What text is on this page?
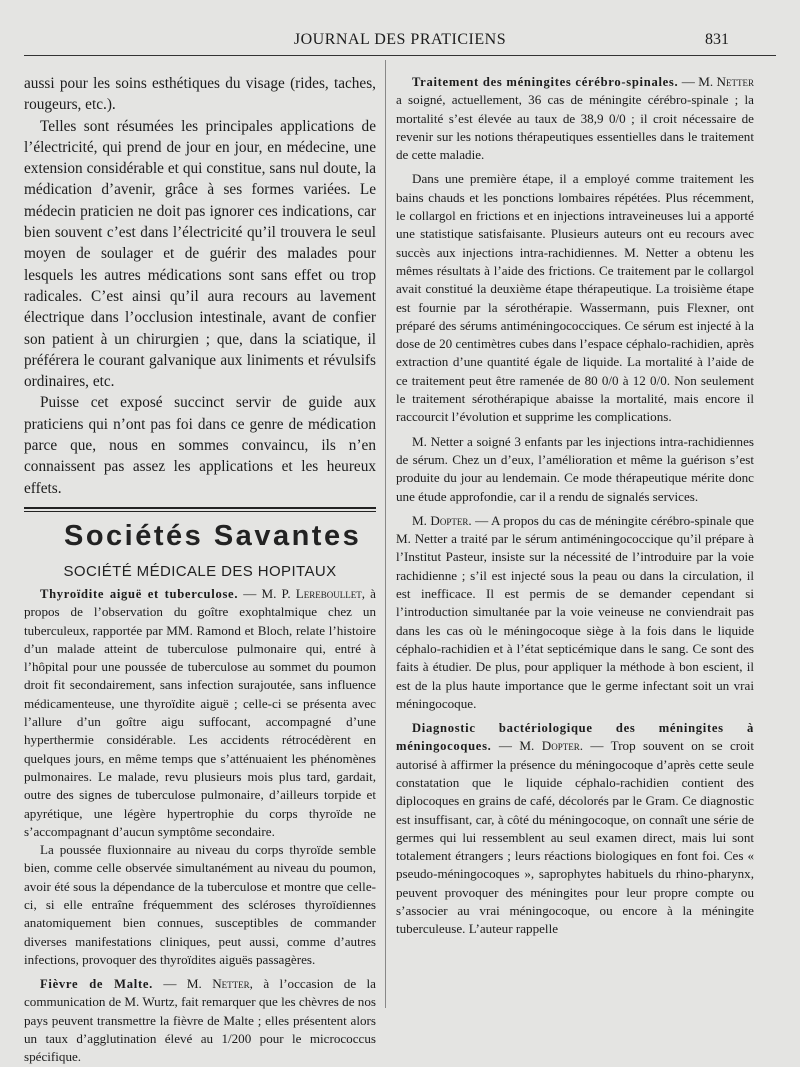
JOURNAL DES PRATICIENS	831

aussi pour les soins esthétiques du visage (rides, taches, rougeurs, etc.).

Telles sont résumées les principales applications de l’électricité, qui prend de jour en jour, en médecine, une extension considérable et qui constitue, sans nul doute, la médication d’avenir, grâce à ses formes variées. Le médecin praticien ne doit pas ignorer ces indications, car bien souvent c’est dans l’électricité qu’il trouvera le seul moyen de soulager et de guérir des malades pour lesquels les autres médications sont sans effet ou trop radicales. C’est ainsi qu’il aura recours au lavement électrique dans l’occlusion intestinale, avant de confier son patient à un chirurgien ; que, dans la sciatique, il préférera le courant galvanique aux liniments et révulsifs ordinaires, etc.

Puisse cet exposé succinct servir de guide aux praticiens qui n’ont pas foi dans ce genre de médication parce que, nous en sommes convaincu, ils n’en connaissent pas assez les applications et les heureux effets.

Sociétés Savantes
SOCIÉTÉ MÉDICALE DES HOPITAUX

Thyroïdite aiguë et tuberculose. — M. P. Lereboullet, à propos de l’observation du goître exophtalmique chez un tuberculeux, rapportée par MM. Ramond et Bloch, relate l’histoire d’un malade atteint de tuberculose pulmonaire qui, entré à l’hôpital pour une poussée de tuberculose au sommet du poumon droit fit secondairement, sans infection surajoutée, sans influence médicamenteuse, une thyroïdite aiguë ; celle-ci se présenta avec l’allure d’un goître aigu suffocant, accompagné d’une hyperthermie considérable. Les accidents rétrocédèrent en quelques jours, en même temps que s’atténuaient les phénomènes pulmonaires. Le malade, revu plusieurs mois plus tard, gardait, outre des signes de tuberculose pulmonaire, d’ailleurs torpide et apyrétique, une légère hypertrophie du corps thyroïde ne s’accompagnant d’aucun symptôme secondaire.

La poussée fluxionnaire au niveau du corps thyroïde semble bien, comme celle observée simultanément au niveau du poumon, avoir été sous la dépendance de la tuberculose et montre que celle-ci, si elle entraîne fréquemment des scléroses thyroïdiennes anatomiquement bien connues, susceptibles de commander diverses manifestations cliniques, peut aussi, comme d’autres infections, provoquer des thyroïdites aiguës passagères.

Fièvre de Malte. — M. Netter, à l’occasion de la communication de M. Wurtz, fait remarquer que les chèvres de nos pays peuvent transmettre la fièvre de Malte ; elles présentent alors un taux d’agglutination élevé au 1/200 pour le micrococcus spécifique.

Traitement des méningites cérébro-spinales. — M. Netter a soigné, actuellement, 36 cas de méningite cérébro-spinale ; la mortalité s’est élevée au taux de 38,9 0/0 ; il croit nécessaire de revenir sur les notions thérapeutiques essentielles dans le traitement de cette maladie.

Dans une première étape, il a employé comme traitement les bains chauds et les ponctions lombaires répétées. Plus récemment, le collargol en frictions et en injections intraveineuses lui a apporté une statistique satisfaisante. Plusieurs auteurs ont eu recours avec succès aux injections intra-rachidiennes. M. Netter a obtenu les mêmes résultats à l’aide des frictions. Ce traitement par le collargol avait constitué la deuxième étape thérapeutique. La troisième étape est fournie par la sérothérapie. Wassermann, puis Flexner, ont préparé des sérums antiméningococciques. Ce sérum est injecté à la dose de 20 centimètres cubes dans l’espace céphalo-rachidien, après extraction d’une quantité égale de liquide. La mortalité à l’aide de ce traitement peut être ramenée de 80 0/0 à 12 0/0. Non seulement le traitement sérothérapique abaisse la mortalité, mais encore il raccourcit l’évolution et supprime les complications.

M. Netter a soigné 3 enfants par les injections intra-rachidiennes de sérum. Chez un d’eux, l’amélioration et même la guérison s’est produite du jour au lendemain. Ce mode thérapeutique mérite donc une étude approfondie, car il a rendu de signalés services.

M. Dopter. — A propos du cas de méningite cérébro-spinale que M. Netter a traité par le sérum antiméningococcique qu’il prépare à l’Institut Pasteur, insiste sur la nécessité de l’introduire par la voie rachidienne ; s’il est injecté sous la peau ou dans la circulation, il est inefficace. Il est permis de se demander cependant si l’introduction simultanée par la voie veineuse ne conviendrait pas dans les cas où le méningocoque siège à la fois dans le liquide céphalo-rachidien et à l’état septicémique dans le sang. Ce sont des faits à étudier. De plus, pour appliquer la méthode à bon escient, il est de la plus haute importance que le germe infectant soit un vrai méningocoque.

Diagnostic bactériologique des méningites à méningocoques. — M. Dopter. — Trop souvent on se croit autorisé à affirmer la présence du méningocoque d’après cette seule constatation que le liquide céphalo-rachidien contient des diplocoques en grains de café, décolorés par le Gram. Ce diagnostic est insuffisant, car, à côté du méningocoque, on connaît une série de germes qui lui ressemblent au seul examen direct, mais lui sont totalement étrangers ; leurs réactions biologiques en font foi. Ces « pseudo-méningocoques », saprophytes habituels du rhino-pharynx, peuvent provoquer des méningites pour leur propre compte ou s’associer au vrai méningocoque, ou encore à la méningite tuberculeuse. L’auteur rappelle
